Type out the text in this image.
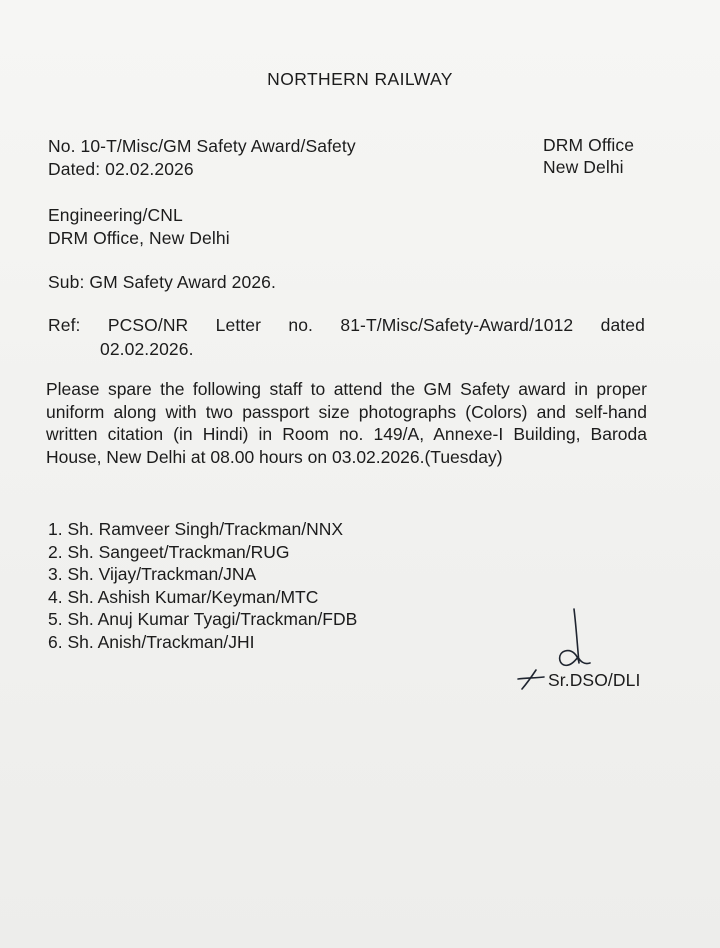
NORTHERN RAILWAY
No. 10-T/Misc/GM Safety Award/Safety
Dated: 02.02.2026
DRM Office
New Delhi
Engineering/CNL
DRM Office, New Delhi
Sub: GM Safety Award 2026.
Ref: PCSO/NR Letter no. 81-T/Misc/Safety-Award/1012 dated
02.02.2026.
Please spare the following staff to attend the GM Safety award in proper uniform along with two passport size photographs (Colors) and self-hand written citation (in Hindi) in Room no. 149/A, Annexe-I Building, Baroda House, New Delhi at 08.00 hours on 03.02.2026.(Tuesday)
1. Sh. Ramveer Singh/Trackman/NNX
2. Sh. Sangeet/Trackman/RUG
3. Sh. Vijay/Trackman/JNA
4. Sh. Ashish Kumar/Keyman/MTC
5. Sh. Anuj Kumar Tyagi/Trackman/FDB
6. Sh. Anish/Trackman/JHI
Sr.DSO/DLI
